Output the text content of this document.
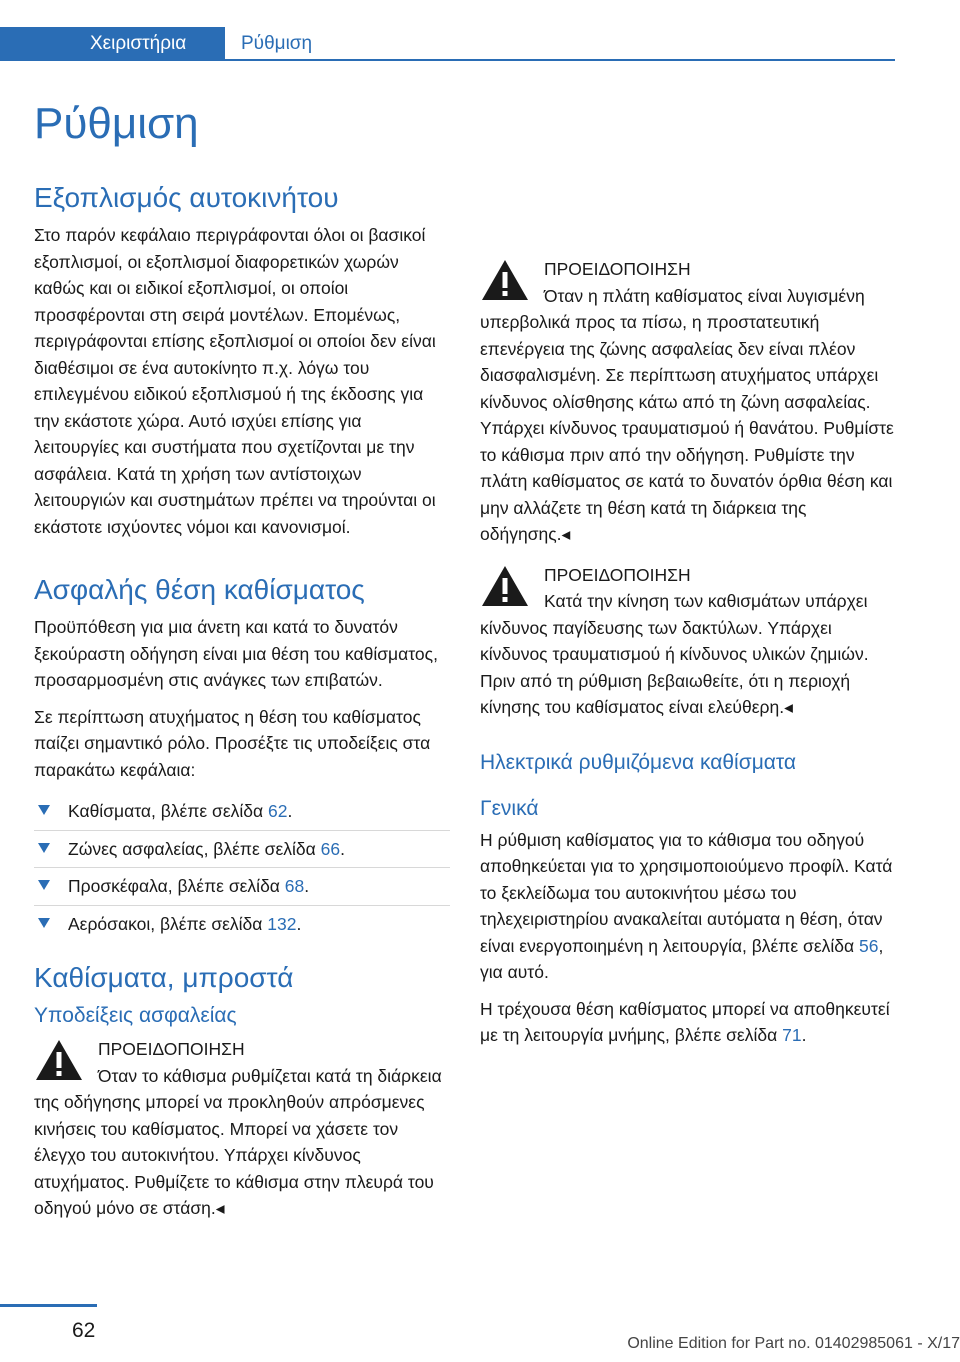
Χειριστήρια	Ρύθμιση
Ρύθμιση
Εξοπλισμός αυτοκινήτου

Στο παρόν κεφάλαιο περιγράφονται όλοι οι βασικοί εξοπλισμοί, οι εξοπλισμοί διαφορετικών χωρών καθώς και οι ειδικοί εξοπλισμοί, οι οποίοι προσφέρονται στη σειρά μοντέλων. Επομένως, περιγράφονται επίσης εξοπλισμοί οι οποίοι δεν είναι διαθέσιμοι σε ένα αυτοκίνητο π.χ. λόγω του επιλεγμένου ειδικού εξοπλισμού ή της έκδοσης για την εκάστοτε χώρα. Αυτό ισχύει επίσης για λειτουργίες και συστήματα που σχετίζονται με την ασφάλεια. Κατά τη χρήση των αντίστοιχων λειτουργιών και συστημάτων πρέπει να τηρούνται οι εκάστοτε ισχύοντες νόμοι και κανονισμοί.

Ασφαλής θέση καθίσματος

Προϋπόθεση για μια άνετη και κατά το δυνατόν ξεκούραστη οδήγηση είναι μια θέση του καθίσματος, προσαρμοσμένη στις ανάγκες των επιβατών.

Σε περίπτωση ατυχήματος η θέση του καθίσματος παίζει σημαντικό ρόλο. Προσέξτε τις υποδείξεις στα παρακάτω κεφάλαια:

Καθίσματα, βλέπε σελίδα 62.
Ζώνες ασφαλείας, βλέπε σελίδα 66.
Προσκέφαλα, βλέπε σελίδα 68.
Αερόσακοι, βλέπε σελίδα 132.
Καθίσματα, μπροστά
Υποδείξεις ασφαλείας
ΠΡΟΕΙΔΟΠΟΙΗΣΗ

Όταν το κάθισμα ρυθμίζεται κατά τη διάρκεια της οδήγησης μπορεί να προκληθούν απρόσμενες κινήσεις του καθίσματος. Μπορεί να χάσετε τον έλεγχο του αυτοκινήτου. Υπάρχει κίνδυνος ατυχήματος. Ρυθμίζετε το κάθισμα στην πλευρά του οδηγού μόνο σε στάση.◂

ΠΡΟΕΙΔΟΠΟΙΗΣΗ

Όταν η πλάτη καθίσματος είναι λυγισμένη υπερβολικά προς τα πίσω, η προστατευτική επενέργεια της ζώνης ασφαλείας δεν είναι πλέον διασφαλισμένη. Σε περίπτωση ατυχήματος υπάρχει κίνδυνος ολίσθησης κάτω από τη ζώνη ασφαλείας. Υπάρχει κίνδυνος τραυματισμού ή θανάτου. Ρυθμίστε το κάθισμα πριν από την οδήγηση. Ρυθμίστε την πλάτη καθίσματος σε κατά το δυνατόν όρθια θέση και μην αλλάζετε τη θέση κατά τη διάρκεια της οδήγησης.◂

ΠΡΟΕΙΔΟΠΟΙΗΣΗ

Κατά την κίνηση των καθισμάτων υπάρχει κίνδυνος παγίδευσης των δακτύλων. Υπάρχει κίνδυνος τραυματισμού ή κίνδυνος υλικών ζημιών. Πριν από τη ρύθμιση βεβαιωθείτε, ότι η περιοχή κίνησης του καθίσματος είναι ελεύθερη.◂

Ηλεκτρικά ρυθμιζόμενα καθίσματα
Γενικά

Η ρύθμιση καθίσματος για το κάθισμα του οδηγού αποθηκεύεται για το χρησιμοποιούμενο προφίλ. Κατά το ξεκλείδωμα του αυτοκινήτου μέσω του τηλεχειριστηρίου ανακαλείται αυτόματα η θέση, όταν είναι ενεργοποιημένη η λειτουργία, βλέπε σελίδα 56, για αυτό.

Η τρέχουσα θέση καθίσματος μπορεί να αποθηκευτεί με τη λειτουργία μνήμης, βλέπε σελίδα 71.

62
Online Edition for Part no. 01402985061 - X/17
